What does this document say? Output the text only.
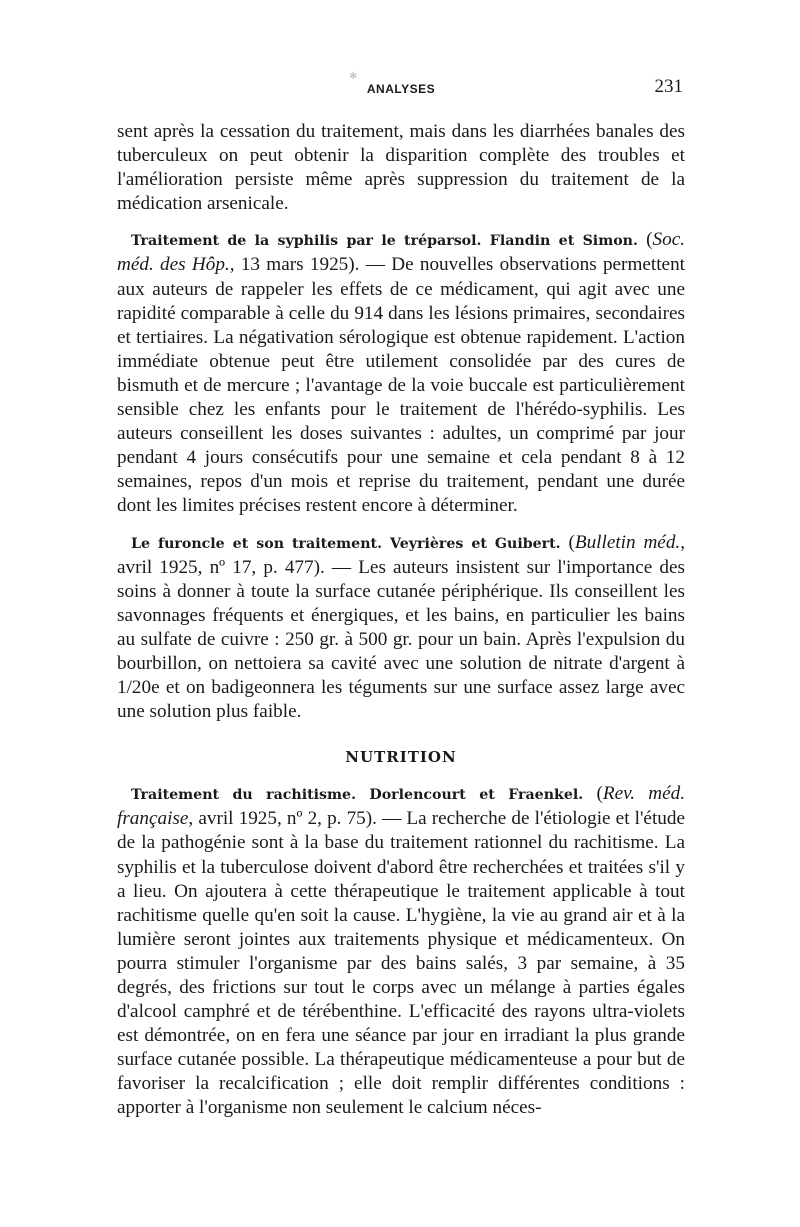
✱
ANALYSES	231

sent après la cessation du traitement, mais dans les diarrhées banales des tuberculeux on peut obtenir la disparition complète des troubles et l'amélioration persiste même après suppression du traitement de la médication arsenicale.

Traitement de la syphilis par le tréparsol. Flandin et Simon. (Soc. méd. des Hôp., 13 mars 1925). — De nouvelles observations permettent aux auteurs de rappeler les effets de ce médicament, qui agit avec une rapidité comparable à celle du 914 dans les lésions primaires, secondaires et tertiaires. La négativation sérologique est obtenue rapidement. L'action immédiate obtenue peut être utilement consolidée par des cures de bismuth et de mercure ; l'avantage de la voie buccale est particulièrement sensible chez les enfants pour le traitement de l'hérédo-syphilis. Les auteurs conseillent les doses suivantes : adultes, un comprimé par jour pendant 4 jours consécutifs pour une semaine et cela pendant 8 à 12 semaines, repos d'un mois et reprise du traitement, pendant une durée dont les limites précises restent encore à déterminer.

Le furoncle et son traitement. Veyrières et Guibert. (Bulletin méd., avril 1925, nº 17, p. 477). — Les auteurs insistent sur l'importance des soins à donner à toute la surface cutanée périphérique. Ils conseillent les savonnages fréquents et énergiques, et les bains, en particulier les bains au sulfate de cuivre : 250 gr. à 500 gr. pour un bain. Après l'expulsion du bourbillon, on nettoiera sa cavité avec une solution de nitrate d'argent à 1/20e et on badigeonnera les téguments sur une surface assez large avec une solution plus faible.

NUTRITION

Traitement du rachitisme. Dorlencourt et Fraenkel. (Rev. méd. française, avril 1925, nº 2, p. 75). — La recherche de l'étiologie et l'étude de la pathogénie sont à la base du traitement rationnel du rachitisme. La syphilis et la tuberculose doivent d'abord être recherchées et traitées s'il y a lieu. On ajoutera à cette thérapeutique le traitement applicable à tout rachitisme quelle qu'en soit la cause. L'hygiène, la vie au grand air et à la lumière seront jointes aux traitements physique et médicamenteux. On pourra stimuler l'organisme par des bains salés, 3 par semaine, à 35 degrés, des frictions sur tout le corps avec un mélange à parties égales d'alcool camphré et de térébenthine. L'efficacité des rayons ultra-violets est démontrée, on en fera une séance par jour en irradiant la plus grande surface cutanée possible. La thérapeutique médicamenteuse a pour but de favoriser la recalcification ; elle doit remplir différentes conditions : apporter à l'organisme non seulement le calcium néces-
